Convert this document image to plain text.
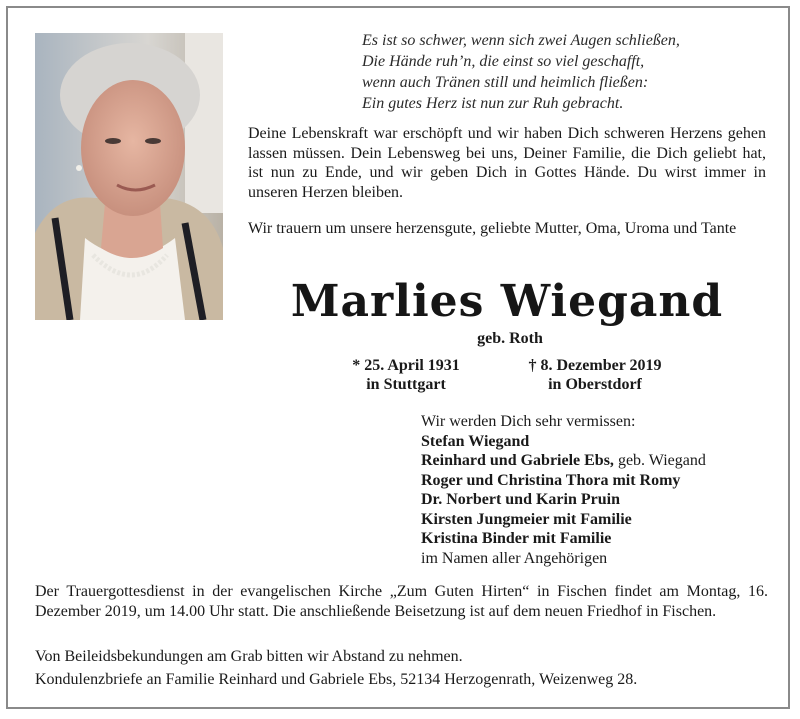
Es ist so schwer, wenn sich zwei Augen schließen,
Die Hände ruh’n, die einst so viel geschafft,
wenn auch Tränen still und heimlich fließen:
Ein gutes Herz ist nun zur Ruh gebracht.
Deine Lebenskraft war erschöpft und wir haben Dich schweren Herzens gehen lassen müssen. Dein Lebensweg bei uns, Deiner Familie, die Dich geliebt hat, ist nun zu Ende, und wir geben Dich in Gottes Hände. Du wirst immer in unseren Herzen bleiben.
Wir trauern um unsere herzensgute, geliebte Mutter, Oma, Uroma und Tante
Marlies Wiegand
geb. Roth
* 25. April 1931
in Stuttgart
† 8. Dezember 2019
in Oberstdorf
Wir werden Dich sehr vermissen:
Stefan Wiegand
Reinhard und Gabriele Ebs, geb. Wiegand
Roger und Christina Thora mit Romy
Dr. Norbert und Karin Pruin
Kirsten Jungmeier mit Familie
Kristina Binder mit Familie
im Namen aller Angehörigen
Der Trauergottesdienst in der evangelischen Kirche „Zum Guten Hirten“ in Fischen findet am Montag, 16. Dezember 2019, um 14.00 Uhr statt. Die anschließende Beisetzung ist auf dem neuen Friedhof in Fischen.
Von Beileidsbekundungen am Grab bitten wir Abstand zu nehmen.
Kondulenzbriefe an Familie Reinhard und Gabriele Ebs, 52134 Herzogenrath, Weizenweg 28.
